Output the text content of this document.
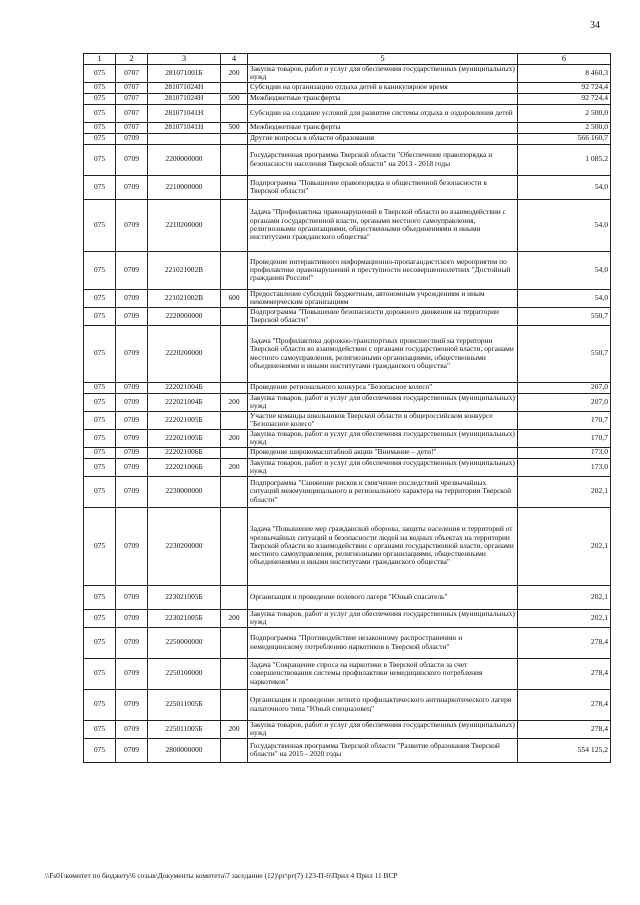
34
1	2	3	4	5	6
075	0707	281071001Б	200	Закупка товаров, работ и услуг для обеспечения государственных (муниципальных) нужд	8 460,3
075	0707	281071024Н		Субсидии на организацию отдыха детей в каникулярное время	92 724,4
075	0707	281071024Н	500	Межбюджетные трансферты	92 724,4
075	0707	281071041Н		Субсидии на создание условий для развития системы отдыха и оздоровления детей	2 500,0
075	0707	281071041Н	500	Межбюджетные трансферты	2 500,0
075	0709			Другие вопросы в области образования	566 160,7
075	0709	2200000000		Государственная программа Тверской области "Обеспечение правопорядка и безопасности населения Тверской области" на 2013 - 2018 годы	1 085,2
075	0709	2210000000		Подпрограмма "Повышение правопорядка и общественной безопасности в Тверской области"	54,0
075	0709	2210200000		Задача "Профилактика правонарушений в Тверской области во взаимодействии с органами государственной власти, органами местного самоуправления, религиозными организациями, общественными объединениями и иными институтами гражданского общества"	54,0
075	0709	221021002В		Проведение интерактивного информационно-пропагандистского мероприятия по профилактике правонарушений и преступности несовершеннолетних "Достойный гражданин России!"	54,0
075	0709	221021002В	600	Предоставление субсидий бюджетным, автономным учреждениям и иным некоммерческим организациям	54,0
075	0709	2220000000		Подпрограмма "Повышение безопасности дорожного движения на территории Тверской области"	550,7
075	0709	2220200000		Задача "Профилактика дорожно-транспортных происшествий на территории Тверской области во взаимодействии с органами государственной власти, органами местного самоуправления, религиозными организациями, общественными объединениями и иными институтами гражданского общества"	550,7
075	0709	222021004Б		Проведение регионального конкурса "Безопасное колесо"	207,0
075	0709	222021004Б	200	Закупка товаров, работ и услуг для обеспечения государственных (муниципальных) нужд	207,0
075	0709	222021005Б		Участие команды школьников Тверской области в общероссийском конкурсе "Безопасное колесо"	170,7
075	0709	222021005Б	200	Закупка товаров, работ и услуг для обеспечения государственных (муниципальных) нужд	170,7
075	0709	222021006Б		Проведение широкомасштабной акции "Внимание – дети!"	173,0
075	0709	222021006Б	200	Закупка товаров, работ и услуг для обеспечения государственных (муниципальных) нужд	173,0
075	0709	2230000000		Подпрограмма "Снижение рисков и смягчение последствий чрезвычайных ситуаций межмуниципального и регионального характера на территории Тверской области"	202,1
075	0709	2230200000		Задача "Повышение мер гражданской обороны, защиты населения и территорий от чрезвычайных ситуаций и безопасности людей на водных объектах на территории Тверской области во взаимодействии с органами государственной власти, органами местного самоуправления, религиозными организациями, общественными объединениями и иными институтами гражданского общества"	202,1
075	0709	223021005Б		Организация и проведение полевого лагеря "Юный спасатель"	202,1
075	0709	223021005Б	200	Закупка товаров, работ и услуг для обеспечения государственных (муниципальных) нужд	202,1
075	0709	2250000000		Подпрограмма "Противодействие незаконному распространению и немедицинскому потреблению наркотиков в Тверской области"	278,4
075	0709	2250100000		Задача "Сокращение спроса на наркотики в Тверской области за счет совершенствования системы профилактики немедицинского потребления наркотиков"	278,4
075	0709	225011005Б		Организация и проведение летнего профилактического антинаркотического лагеря палаточного типа "Юный спецназовец"	278,4
075	0709	225011005Б	200	Закупка товаров, работ и услуг для обеспечения государственных (муниципальных) нужд	278,4
075	0709	2800000000		Государственная программа Тверской области "Развитие образования Тверской области" на 2015 - 2020 годы	554 125,2
\\Fs01\комитет по бюджету\6 созыв\Документы комитета\7 заседание (12)\рг\рг(7) 123-П-6\Прил 4 Прил 11 ВСР
